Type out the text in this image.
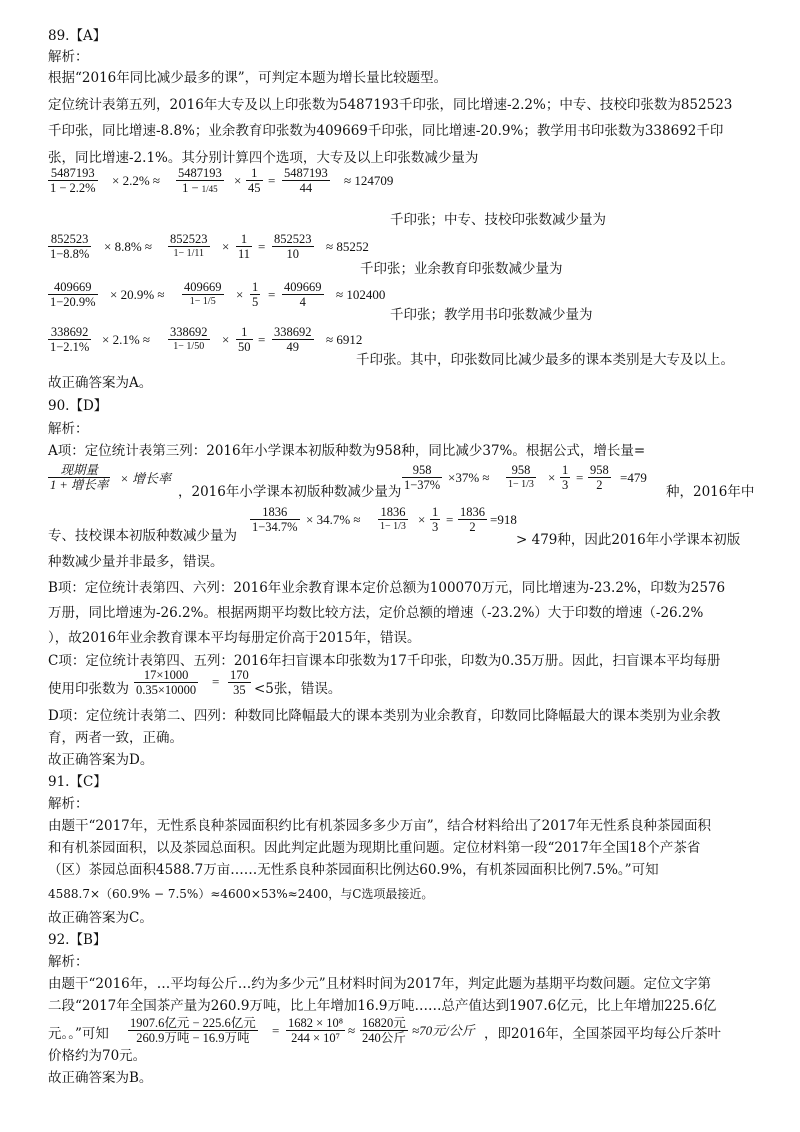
89.【A】
解析：
根据“2016年同比减少最多的课”，可判定本题为增长量比较题型。
定位统计表第五列，2016年大专及以上印张数为5487193千印张，同比增速-2.2%；中专、技校印张数为852523
千印张，同比增速-8.8%；业余教育印张数为409669千印张，同比增速-20.9%；教学用书印张数为338692千印
张，同比增速-2.1%。其分别计算四个选项，大专及以上印张数减少量为
$\frac{5487193}{1 - 2.2\%} \times 2.2\% \approx \frac{5487193}{1 - 1/45} \times \frac{1}{45} = \frac{5487193}{44} \approx 124709$
千印张；中专、技校印张数减少量为
$\frac{852523}{1-8.8\%} \times 8.8\% \approx 852523$
1− 1/11	× $\frac{1}{11} = \frac{852523}{10} \approx 85252$
千印张；业余教育印张数减少量为
$\frac{409669}{1-20.9\%} \times 20.9\% \approx 409669$
1− 1/5	× $\frac{1}{5} = \frac{409669}{4} \approx 102400$
千印张；教学用书印张数减少量为
$\frac{338692}{1-2.1\%} \times 2.1\% \approx 338692$
1− 1/50	× $\frac{1}{50} = \frac{338692}{49} \approx 6912$
千印张。其中，印张数同比减少最多的课本类别是大专及以上。
故正确答案为A。
90.【D】
解析：
A项：定位统计表第三列：2016年小学课本初版种数为958种，同比减少37%。根据公式，增长量=
现期量
1 + 增长率 × 增长率
，2016年小学课本初版种数减少量为 $\frac{958}{1-37\%} \times 37\%$ ≈	958
$1- 1/3 \times \frac{1}{3} = \frac{958}{2} =479$
种，2016年中
$\frac{1836}{1-34.7\%} \times 34.7\% \approx 1836$
$1- 1/3 \times \frac{1}{3} = \frac{1836}{2} =918$
专、技校课本初版种数减少量为	> 479种，因此2016年小学课本初版
种数减少量并非最多，错误。
B项：定位统计表第四、六列：2016年业余教育课本定价总额为100070万元，同比增速为-23.2%，印数为2576
万册，同比增速为-26.2%。根据两期平均数比较方法，定价总额的增速（-23.2%）大于印数的增速（-26.2%
），故2016年业余教育课本平均每册定价高于2015年，错误。
C项：定位统计表第四、五列：2016年扫盲课本印张数为17千印张，印数为0.35万册。因此，扫盲课本平均每册
使用印张数为 $\frac{17\times 1000}{0.35\times 10000} = \frac{170}{35} <5$张，错误。
D项：定位统计表第二、四列：种数同比降幅最大的课本类别为业余教育，印数同比降幅最大的课本类别为业余教
育，两者一致，正确。
故正确答案为D。
91.【C】
解析：
由题干“2017年，无性系良种茶园面积约比有机茶园多多少万亩”，结合材料给出了2017年无性系良种茶园面积
和有机茶园面积，以及茶园总面积。因此判定此题为现期比重问题。定位材料第一段“2017年全国18个产茶省
（区）茶园总面积4588.7万亩……无性系良种茶园面积比例达60.9%，有机茶园面积比例7.5%。”可知
4588.7×（60.9% − 7.5%）≈4600×53%≈2400，与C选项最接近。
故正确答案为C。
92.【B】
解析：
由题干“2016年，…平均每公斤…约为多少元”且材料时间为2017年，判定此题为基期平均数问题。定位文字第
二段“2017年全国茶产量为260.9万吨，比上年增加16.9万吨……总产值达到1907.6亿元，比上年增加225.6亿
元。。”可知
1907.6亿元 − 225.6亿元
260.9万吨 − 16.9万吨	= $\frac{\text{1682 × 10⁸}}{\text{244 × 10⁷}} \approx 16820$元
240公斤 ≈70元/公斤 ，即2016年，全国茶园平均每公斤茶叶
价格约为70元。
故正确答案为B。
